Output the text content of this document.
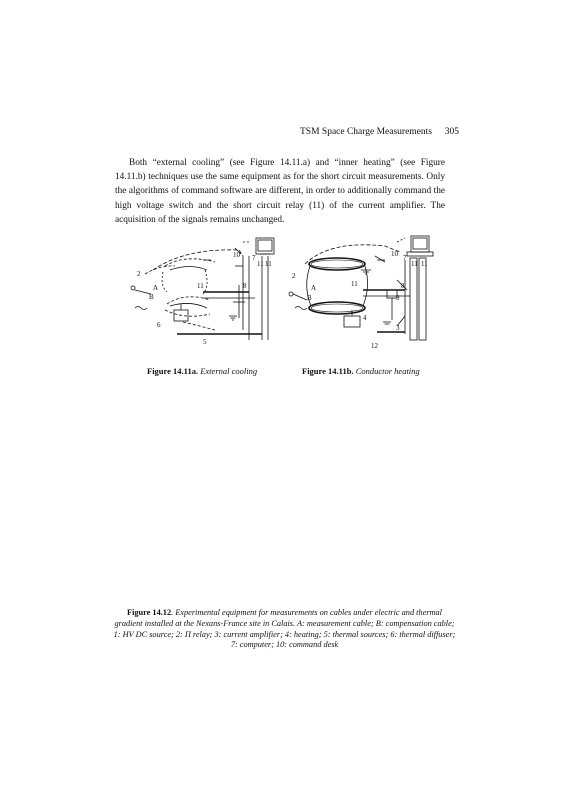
TSM Space Charge Measurements 305

Both “external cooling” (see Figure 14.11.a) and “inner heating” (see Figure 14.11.b) techniques use the same equipment as for the short circuit measurements. Only the algorithms of command software are different, in order to additionally command the high voltage switch and the short circuit relay (11) of the current amplifier. The acquisition of the signals remains unchanged.

10 7
11 11
2
A
B
11	8
6
5
10 7
11 11
2
A
B
11	8
9
4
3
12
Figure 14.11a. External cooling	Figure 14.11b. Conductor heating
Figure 14.12. Experimental equipment for measurements on cables under electric and thermal gradient installed at the Nexans-France site in Calais. A: measurement cable; B: compensation cable; 1: HV DC source; 2: Π relay; 3: current amplifier; 4: heating; 5: thermal sources; 6: thermal diffuser; 7: computer; 10: command desk
